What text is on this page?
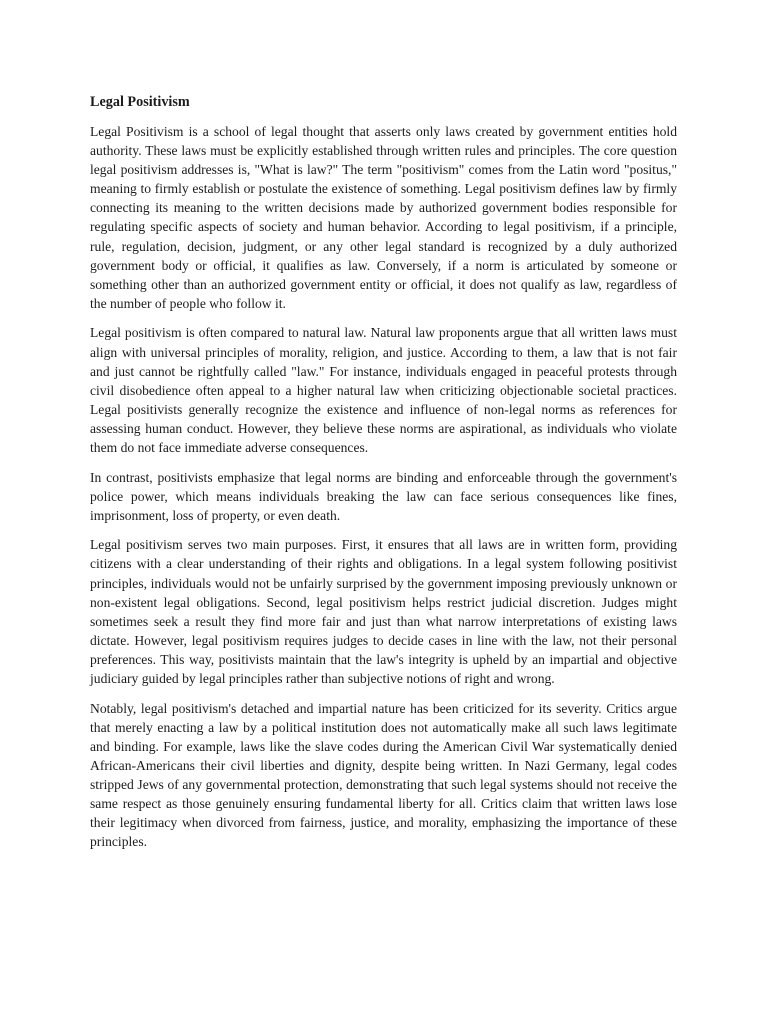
Legal Positivism

Legal Positivism is a school of legal thought that asserts only laws created by government entities hold authority. These laws must be explicitly established through written rules and principles. The core question legal positivism addresses is, "What is law?" The term "positivism" comes from the Latin word "positus," meaning to firmly establish or postulate the existence of something. Legal positivism defines law by firmly connecting its meaning to the written decisions made by authorized government bodies responsible for regulating specific aspects of society and human behavior. According to legal positivism, if a principle, rule, regulation, decision, judgment, or any other legal standard is recognized by a duly authorized government body or official, it qualifies as law. Conversely, if a norm is articulated by someone or something other than an authorized government entity or official, it does not qualify as law, regardless of the number of people who follow it.

Legal positivism is often compared to natural law. Natural law proponents argue that all written laws must align with universal principles of morality, religion, and justice. According to them, a law that is not fair and just cannot be rightfully called "law." For instance, individuals engaged in peaceful protests through civil disobedience often appeal to a higher natural law when criticizing objectionable societal practices. Legal positivists generally recognize the existence and influence of non-legal norms as references for assessing human conduct. However, they believe these norms are aspirational, as individuals who violate them do not face immediate adverse consequences.

In contrast, positivists emphasize that legal norms are binding and enforceable through the government's police power, which means individuals breaking the law can face serious consequences like fines, imprisonment, loss of property, or even death.

Legal positivism serves two main purposes. First, it ensures that all laws are in written form, providing citizens with a clear understanding of their rights and obligations. In a legal system following positivist principles, individuals would not be unfairly surprised by the government imposing previously unknown or non-existent legal obligations. Second, legal positivism helps restrict judicial discretion. Judges might sometimes seek a result they find more fair and just than what narrow interpretations of existing laws dictate. However, legal positivism requires judges to decide cases in line with the law, not their personal preferences. This way, positivists maintain that the law's integrity is upheld by an impartial and objective judiciary guided by legal principles rather than subjective notions of right and wrong.

Notably, legal positivism's detached and impartial nature has been criticized for its severity. Critics argue that merely enacting a law by a political institution does not automatically make all such laws legitimate and binding. For example, laws like the slave codes during the American Civil War systematically denied African-Americans their civil liberties and dignity, despite being written. In Nazi Germany, legal codes stripped Jews of any governmental protection, demonstrating that such legal systems should not receive the same respect as those genuinely ensuring fundamental liberty for all. Critics claim that written laws lose their legitimacy when divorced from fairness, justice, and morality, emphasizing the importance of these principles.
